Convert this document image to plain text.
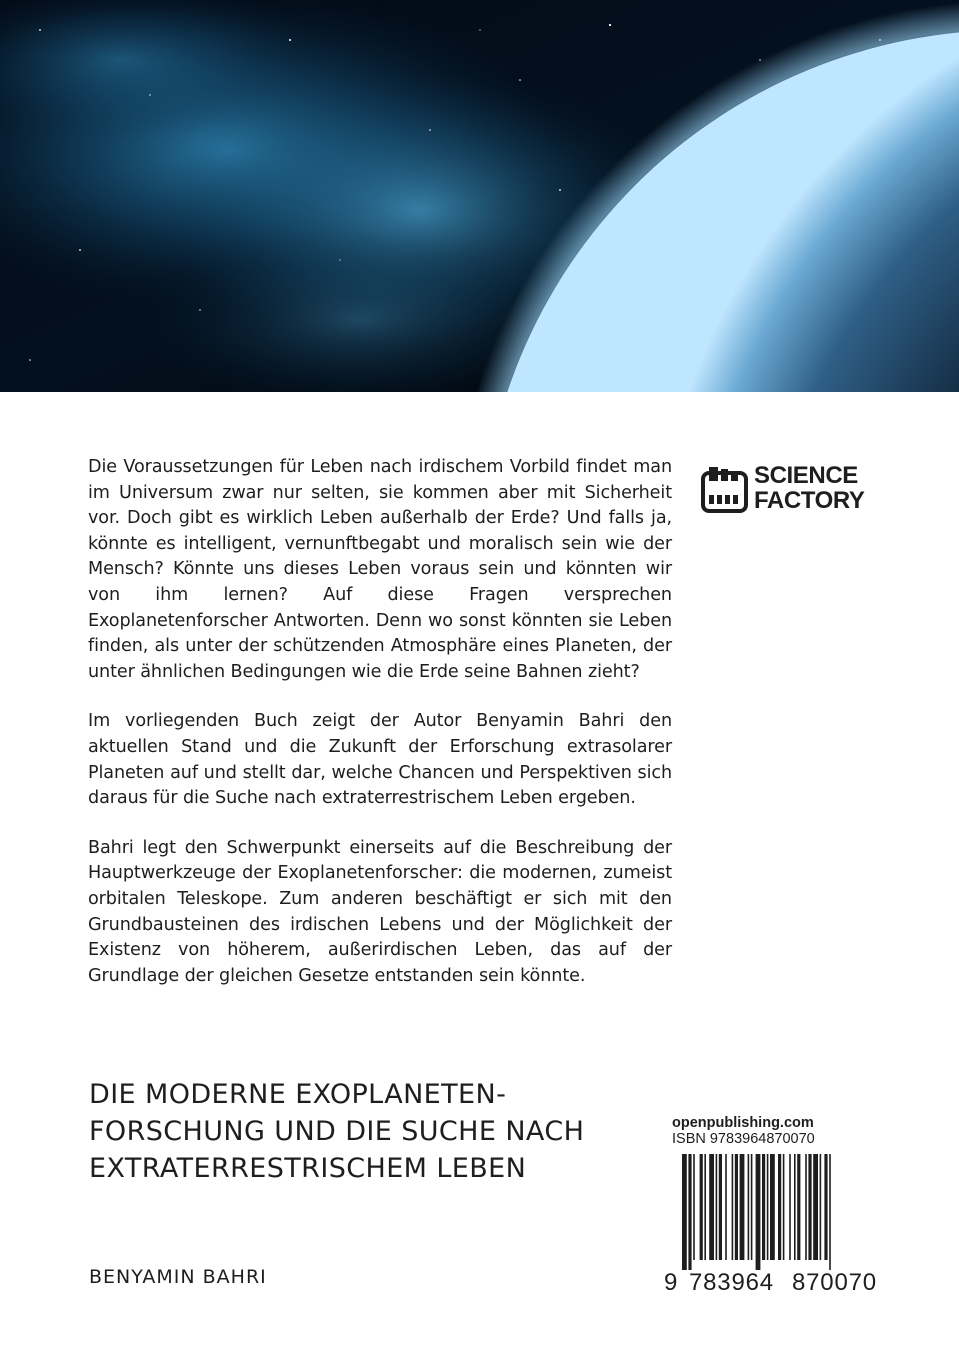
Die Voraussetzungen für Leben nach irdischem Vorbild findet man im Universum zwar nur selten, sie kommen aber mit Sicherheit vor. Doch gibt es wirklich Leben außerhalb der Erde? Und falls ja, könnte es intelligent, vernunftbegabt und moralisch sein wie der Mensch? Könnte uns dieses Leben voraus sein und könnten wir von ihm lernen? Auf diese Fragen versprechen Exoplanetenforscher Antworten. Denn wo sonst könnten sie Leben finden, als unter der schützenden Atmosphäre eines Planeten, der unter ähnlichen Bedingungen wie die Erde seine Bahnen zieht?

Im vorliegenden Buch zeigt der Autor Benyamin Bahri den aktuellen Stand und die Zukunft der Erforschung extrasolarer Planeten auf und stellt dar, welche Chancen und Perspektiven sich daraus für die Suche nach extraterrestrischem Leben ergeben.

Bahri legt den Schwerpunkt einerseits auf die Beschreibung der Hauptwerkzeuge der Exoplanetenforscher: die modernen, zumeist orbitalen Teleskope. Zum anderen beschäftigt er sich mit den Grundbausteinen des irdischen Lebens und der Möglichkeit der Existenz von höherem, außerirdischen Leben, das auf der Grundlage der gleichen Gesetze entstanden sein könnte.

SCIENCE
FACTORY
DIE MODERNE EXOPLANETEN-FORSCHUNG UND DIE SUCHE NACH EXTRATERRESTRISCHEM LEBEN
BENYAMIN BAHRI
openpublishing.com
ISBN 9783964870070
9 783964 870070
